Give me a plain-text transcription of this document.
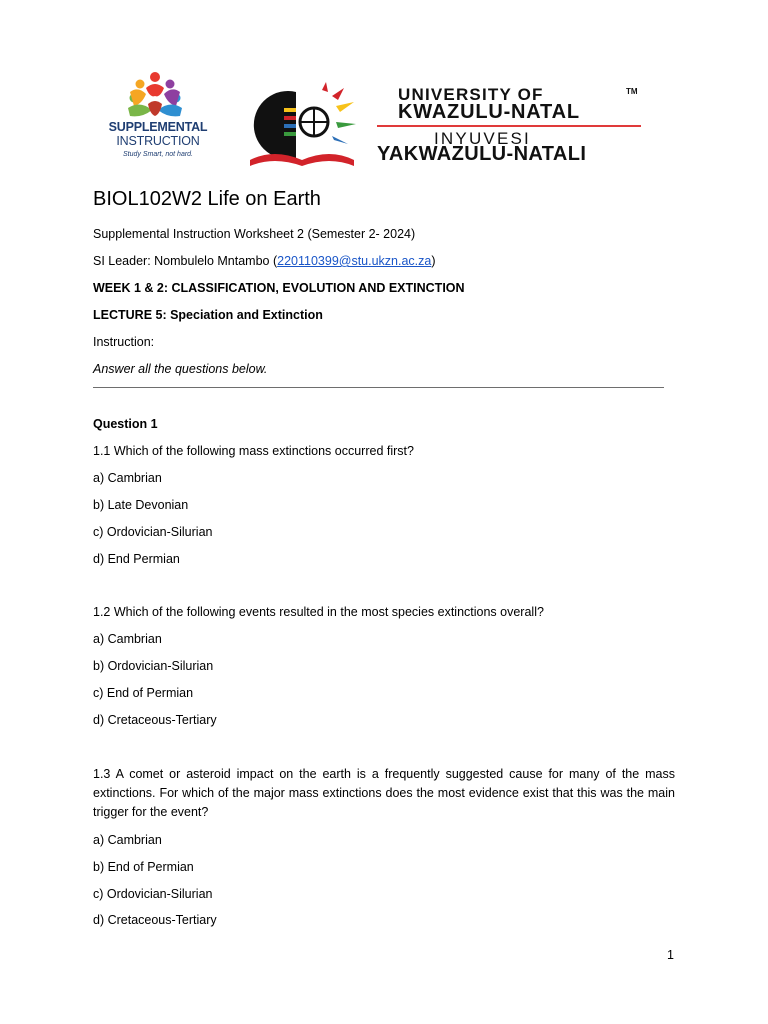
SUPPLEMENTAL
INSTRUCTION
Study Smart, not hard.
UNIVERSITY OF	TM
KWAZULU-NATAL
INYUVESI
YAKWAZULU-NATALI
BIOL102W2 Life on Earth
Supplemental Instruction Worksheet 2 (Semester 2- 2024)
SI Leader: Nombulelo Mntambo (220110399@stu.ukzn.ac.za)
WEEK 1 & 2: CLASSIFICATION, EVOLUTION AND EXTINCTION
LECTURE 5: Speciation and Extinction
Instruction:
Answer all the questions below.
Question 1
1.1 Which of the following mass extinctions occurred first?
a) Cambrian
b) Late Devonian
c) Ordovician-Silurian
d) End Permian
1.2 Which of the following events resulted in the most species extinctions overall?
a) Cambrian
b) Ordovician-Silurian
c) End of Permian
d) Cretaceous-Tertiary
1.3 A comet or asteroid impact on the earth is a frequently suggested cause for many of the mass extinctions. For which of the major mass extinctions does the most evidence exist that this was the main trigger for the event?
a) Cambrian
b) End of Permian
c) Ordovician-Silurian
d) Cretaceous-Tertiary
1
